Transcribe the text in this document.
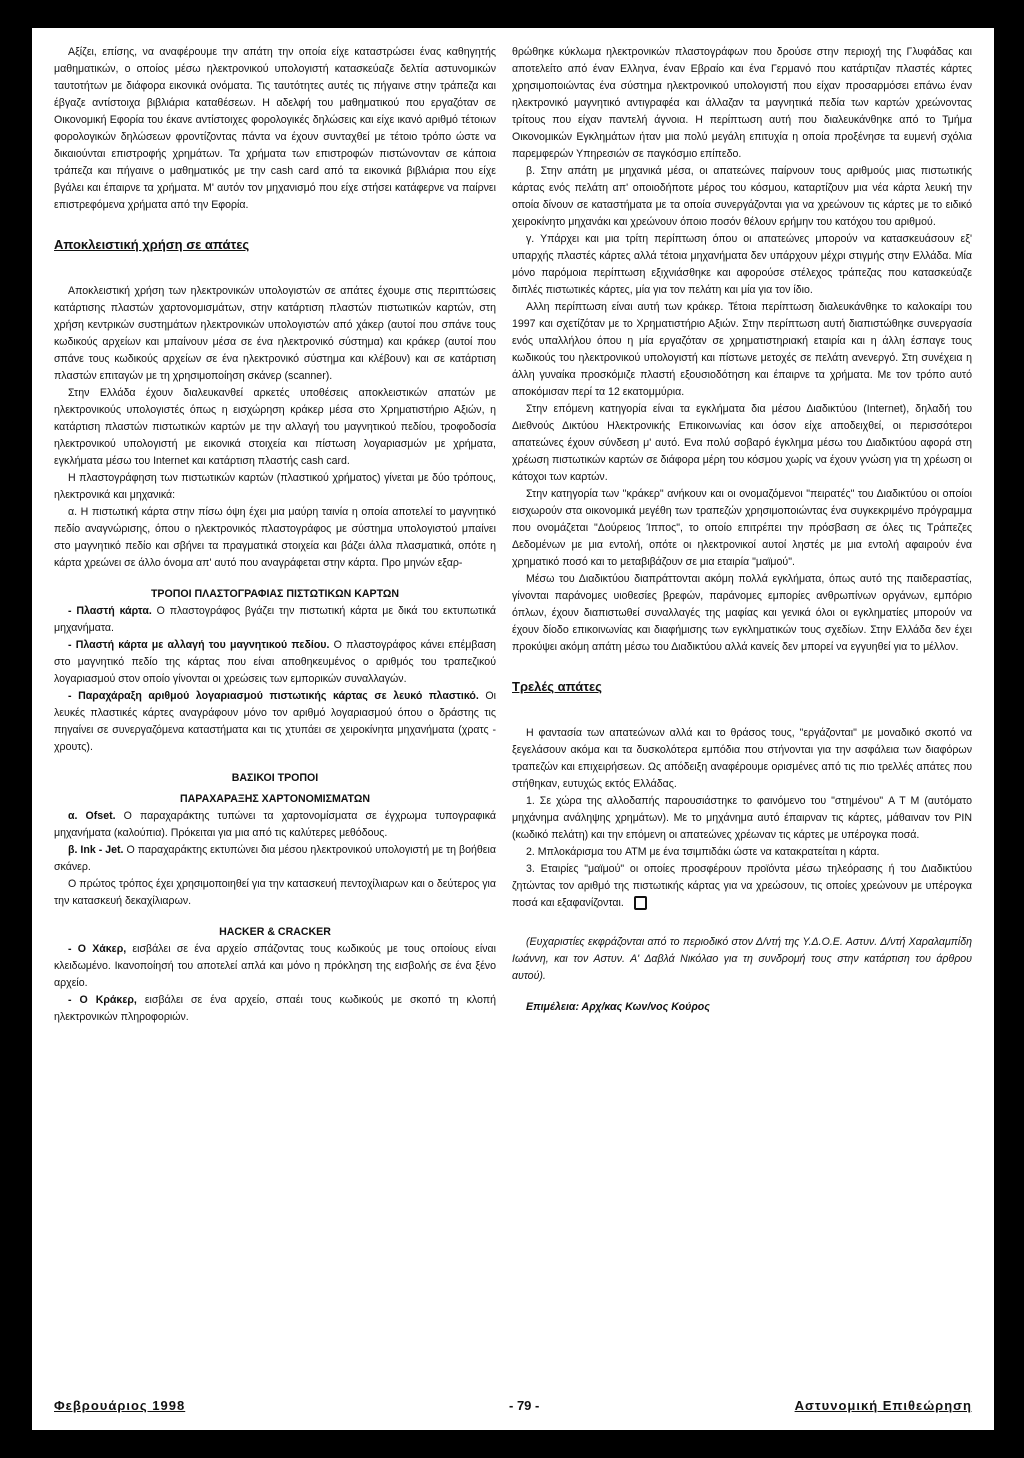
Αξίζει, επίσης, να αναφέρουμε την απάτη την οποία είχε καταστρώσει ένας καθηγητής μαθηματικών, ο οποίος μέσω ηλεκτρονικού υπολογιστή κατασκεύαζε δελτία αστυνομικών ταυτοτήτων με διάφορα εικονικά ονόματα. Τις ταυτότητες αυτές τις πήγαινε στην τράπεζα και έβγαζε αντίστοιχα βιβλιάρια καταθέσεων. Η αδελφή του μαθηματικού που εργαζόταν σε Οικονομική Εφορία του έκανε αντίστοιχες φορολογικές δηλώσεις και είχε ικανό αριθμό τέτοιων φορολογικών δηλώσεων φροντίζοντας πάντα να έχουν συνταχθεί με τέτοιο τρόπο ώστε να δικαιούνται επιστροφής χρημάτων. Τα χρήματα των επιστροφών πιστώνονταν σε κάποια τράπεζα και πήγαινε ο μαθηματικός με την cash card από τα εικονικά βιβλιάρια που είχε βγάλει και έπαιρνε τα χρήματα. Μ' αυτόν τον μηχανισμό που είχε στήσει κατάφερνε να παίρνει επιστρεφόμενα χρήματα από την Εφορία.

Αποκλειστική χρήση σε απάτες

Αποκλειστική χρήση των ηλεκτρονικών υπολογιστών σε απάτες έχουμε στις περιπτώσεις κατάρτισης πλαστών χαρτονομισμάτων, στην κατάρτιση πλαστών πιστωτικών καρτών, στη χρήση κεντρικών συστημάτων ηλεκτρονικών υπολογιστών από χάκερ (αυτοί που σπάνε τους κωδικούς αρχείων και μπαίνουν μέσα σε ένα ηλεκτρονικό σύστημα) και κράκερ (αυτοί που σπάνε τους κωδικούς αρχείων σε ένα ηλεκτρονικό σύστημα και κλέβουν) και σε κατάρτιση πλαστών επιταγών με τη χρησιμοποίηση σκάνερ (scanner).

Στην Ελλάδα έχουν διαλευκανθεί αρκετές υποθέσεις αποκλειστικών απατών με ηλεκτρονικούς υπολογιστές όπως η εισχώρηση κράκερ μέσα στο Χρηματιστήριο Αξιών, η κατάρτιση πλαστών πιστωτικών καρτών με την αλλαγή του μαγνητικού πεδίου, τροφοδοσία ηλεκτρονικού υπολογιστή με εικονικά στοιχεία και πίστωση λογαριασμών με χρήματα, εγκλήματα μέσω του Internet και κατάρτιση πλαστής cash card.

Η πλαστογράφηση των πιστωτικών καρτών (πλαστικού χρήματος) γίνεται με δύο τρόπους, ηλεκτρονικά και μηχανικά:

α. Η πιστωτική κάρτα στην πίσω όψη έχει μια μαύρη ταινία η οποία αποτελεί το μαγνητικό πεδίο αναγνώρισης, όπου ο ηλεκτρονικός πλαστογράφος με σύστημα υπολογιστού μπαίνει στο μαγνητικό πεδίο και σβήνει τα πραγματικά στοιχεία και βάζει άλλα πλασματικά, οπότε η κάρτα χρεώνει σε άλλο όνομα απ' αυτό που αναγράφεται στην κάρτα. Προ μηνών εξαρ-

ΤΡΟΠΟΙ ΠΛΑΣΤΟΓΡΑΦΙΑΣ ΠΙΣΤΩΤΙΚΩΝ ΚΑΡΤΩΝ

- Πλαστή κάρτα. Ο πλαστογράφος βγάζει την πιστωτική κάρτα με δικά του εκτυπωτικά μηχανήματα.

- Πλαστή κάρτα με αλλαγή του μαγνητικού πεδίου. Ο πλαστογράφος κάνει επέμβαση στο μαγνητικό πεδίο της κάρτας που είναι αποθηκευμένος ο αριθμός του τραπεζικού λογαριασμού στον οποίο γίνονται οι χρεώσεις των εμπορικών συναλλαγών.

- Παραχάραξη αριθμού λογαριασμού πιστωτικής κάρτας σε λευκό πλαστικό. Οι λευκές πλαστικές κάρτες αναγράφουν μόνο τον αριθμό λογαριασμού όπου ο δράστης τις πηγαίνει σε συνεργαζόμενα καταστήματα και τις χτυπάει σε χειροκίνητα μηχανήματα (χρατς - χρουτς).

ΒΑΣΙΚΟΙ ΤΡΟΠΟΙ

ΠΑΡΑΧΑΡΑΞΗΣ ΧΑΡΤΟΝΟΜΙΣΜΑΤΩΝ

α. Ofset. Ο παραχαράκτης τυπώνει τα χαρτονομίσματα σε έγχρωμα τυπογραφικά μηχανήματα (καλούπια). Πρόκειται για μια από τις καλύτερες μεθόδους.

β. Ink - Jet. Ο παραχαράκτης εκτυπώνει δια μέσου ηλεκτρονικού υπολογιστή με τη βοήθεια σκάνερ.

Ο πρώτος τρόπος έχει χρησιμοποιηθεί για την κατασκευή πεντοχίλιαρων και ο δεύτερος για την κατασκευή δεκαχίλιαρων.

HACKER & CRACKER

- Ο Χάκερ, εισβάλει σε ένα αρχείο σπάζοντας τους κωδικούς με τους οποίους είναι κλειδωμένο. Ικανοποίησή του αποτελεί απλά και μόνο η πρόκληση της εισβολής σε ένα ξένο αρχείο.

- Ο Κράκερ, εισβάλει σε ένα αρχείο, σπαέι τους κωδικούς με σκοπό τη κλοπή ηλεκτρονικών πληροφοριών.

θρώθηκε κύκλωμα ηλεκτρονικών πλαστογράφων που δρούσε στην περιοχή της Γλυφάδας και αποτελείτο από έναν Ελληνα, έναν Εβραίο και ένα Γερμανό που κατάρτιζαν πλαστές κάρτες χρησιμοποιώντας ένα σύστημα ηλεκτρονικού υπολογιστή που είχαν προσαρμόσει επάνω έναν ηλεκτρονικό μαγνητικό αντιγραφέα και άλλαζαν τα μαγνητικά πεδία των καρτών χρεώνοντας τρίτους που είχαν παντελή άγνοια. Η περίπτωση αυτή που διαλευκάνθηκε από το Τμήμα Οικονομικών Εγκλημάτων ήταν μια πολύ μεγάλη επιτυχία η οποία προξένησε τα ευμενή σχόλια παρεμφερών Υπηρεσιών σε παγκόσμιο επίπεδο.

β. Στην απάτη με μηχανικά μέσα, οι απατεώνες παίρνουν τους αριθμούς μιας πιστωτικής κάρτας ενός πελάτη απ' οποιοδήποτε μέρος του κόσμου, καταρτίζουν μια νέα κάρτα λευκή την οποία δίνουν σε καταστήματα με τα οποία συνεργάζονται για να χρεώνουν τις κάρτες με το ειδικό χειροκίνητο μηχανάκι και χρεώνουν όποιο ποσόν θέλουν ερήμην του κατόχου του αριθμού.

γ. Υπάρχει και μια τρίτη περίπτωση όπου οι απατεώνες μπορούν να κατασκευάσουν εξ' υπαρχής πλαστές κάρτες αλλά τέτοια μηχανήματα δεν υπάρχουν μέχρι στιγμής στην Ελλάδα. Μία μόνο παρόμοια περίπτωση εξιχνιάσθηκε και αφορούσε στέλεχος τράπεζας που κατασκεύαζε διπλές πιστωτικές κάρτες, μία για τον πελάτη και μία για τον ίδιο.

Αλλη περίπτωση είναι αυτή των κράκερ. Τέτοια περίπτωση διαλευκάνθηκε το καλοκαίρι του 1997 και σχετίζόταν με το Χρηματιστήριο Αξιών. Στην περίπτωση αυτή διαπιστώθηκε συνεργασία ενός υπαλλήλου όπου η μία εργαζόταν σε χρηματιστηριακή εταιρία και η άλλη έσπαγε τους κωδικούς του ηλεκτρονικού υπολογιστή και πίστωνε μετοχές σε πελάτη ανενεργό. Στη συνέχεια η άλλη γυναίκα προσκόμιζε πλαστή εξουσιοδότηση και έπαιρνε τα χρήματα. Με τον τρόπο αυτό αποκόμισαν περί τα 12 εκατομμύρια.

Στην επόμενη κατηγορία είναι τα εγκλήματα δια μέσου Διαδικτύου (Internet), δηλαδή του Διεθνούς Δικτύου Ηλεκτρονικής Επικοινωνίας και όσον είχε αποδειχθεί, οι περισσότεροι απατεώνες έχουν σύνδεση μ' αυτό. Ενα πολύ σοβαρό έγκλημα μέσω του Διαδικτύου αφορά στη χρέωση πιστωτικών καρτών σε διάφορα μέρη του κόσμου χωρίς να έχουν γνώση για τη χρέωση οι κάτοχοι των καρτών.

Στην κατηγορία των "κράκερ" ανήκουν και οι ονομαζόμενοι "πειρατές" του Διαδικτύου οι οποίοι εισχωρούν στα οικονομικά μεγέθη των τραπεζών χρησιμοποιώντας ένα συγκεκριμένο πρόγραμμα που ονομάζεται "Δούρειος Ίππος", το οποίο επιτρέπει την πρόσβαση σε όλες τις Τράπεζες Δεδομένων με μια εντολή, οπότε οι ηλεκτρονικοί αυτοί ληστές με μια εντολή αφαιρούν ένα χρηματικό ποσό και το μεταβιβάζουν σε μια εταιρία "μαϊμού".

Μέσω του Διαδικτύου διαπράττονται ακόμη πολλά εγκλήματα, όπως αυτό της παιδεραστίας, γίνονται παράνομες υιοθεσίες βρεφών, παράνομες εμπορίες ανθρωπίνων οργάνων, εμπόριο όπλων, έχουν διαπιστωθεί συναλλαγές της μαφίας και γενικά όλοι οι εγκληματίες μπορούν να έχουν δίοδο επικοινωνίας και διαφήμισης των εγκληματικών τους σχεδίων. Στην Ελλάδα δεν έχει προκύψει ακόμη απάτη μέσω του Διαδικτύου αλλά κανείς δεν μπορεί να εγγυηθεί για το μέλλον.

Τρελές απάτες

Η φαντασία των απατεώνων αλλά και το θράσος τους, "εργάζονται" με μοναδικό σκοπό να ξεγελάσουν ακόμα και τα δυσκολότερα εμπόδια που στήνονται για την ασφάλεια των διαφόρων τραπεζών και επιχειρήσεων. Ως απόδειξη αναφέρουμε ορισμένες από τις πιο τρελλές απάτες που στήθηκαν, ευτυχώς εκτός Ελλάδας.

1. Σε χώρα της αλλοδαπής παρουσιάστηκε το φαινόμενο του "στημένου" A T M (αυτόματο μηχάνημα ανάληψης χρημάτων). Με το μηχάνημα αυτό έπαιρναν τις κάρτες, μάθαιναν τον PIN (κωδικό πελάτη) και την επόμενη οι απατεώνες χρέωναν τις κάρτες με υπέρογκα ποσά.

2. Μπλοκάρισμα του ATM με ένα τσιμπιδάκι ώστε να κατακρατείται η κάρτα.

3. Εταιρίες "μαϊμού" οι οποίες προσφέρουν προϊόντα μέσω τηλεόρασης ή του Διαδικτύου ζητώντας τον αριθμό της πιστωτικής κάρτας για να χρεώσουν, τις οποίες χρεώνουν με υπέρογκα ποσά και εξαφανίζονται.

(Ευχαριστίες εκφράζονται από το περιοδικό στον Δ/ντή της Υ.Δ.Ο.Ε. Αστυν. Δ/ντή Χαραλαμπίδη Ιωάννη, και τον Αστυν. Α' Δαβλά Νικόλαο για τη συνδρομή τους στην κατάρτιση του άρθρου αυτού).

Επιμέλεια: Αρχ/κας Κων/νος Κούρος

Φεβρουάριος 1998	- 79 -	Αστυνομική Επιθεώρηση
